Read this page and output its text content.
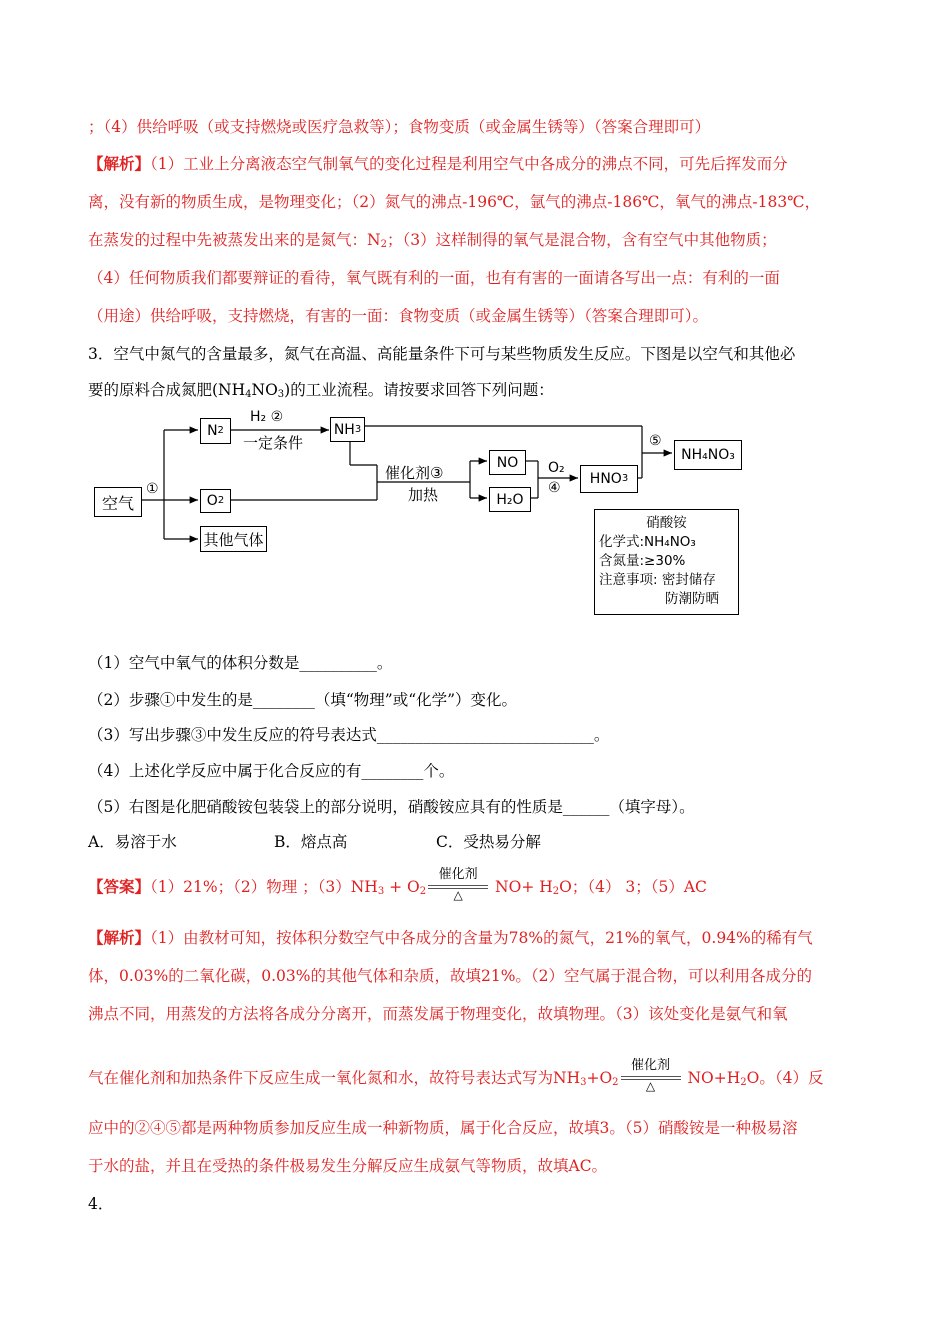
；（4）供给呼吸（或支持燃烧或医疗急救等）；食物变质（或金属生锈等）（答案合理即可）
【解析】（1）工业上分离液态空气制氧气的变化过程是利用空气中各成分的沸点不同，可先后挥发而分
离，没有新的物质生成，是物理变化；（2）氮气的沸点-196℃，氩气的沸点-186℃，氧气的沸点-183℃，
在蒸发的过程中先被蒸发出来的是氮气：$N_2$；（3）这样制得的氧气是混合物，含有空气中其他物质；
（4）任何物质我们都要辩证的看待，氧气既有利的一面，也有有害的一面请各写出一点：有利的一面
（用途）供给呼吸，支持燃烧，有害的一面：食物变质（或金属生锈等）（答案合理即可）。
3．空气中氮气的含量最多，氮气在高温、高能量条件下可与某些物质发生反应。下图是以空气和其他必
要的原料合成氮肥$(NH_4NO_3)$的工业流程。请按要求回答下列问题：
空气
①
N 2
O 2
其他气体
H₂ ②
一定条件
NH 3
催化剂③
加热
NO
H₂O
O₂
④
HNO 3
⑤
NH₄NO₃
硝酸铵
化学式:NH₄NO₃
含氮量:≥30%
注意事项: 密封储存
防潮防晒
（1）空气中氧气的体积分数是__________。
（2）步骤①中发生的是________（填“物理”或“化学”）变化。
（3）写出步骤③中发生反应的符号表达式____________________________。
（4）上述化学反应中属于化合反应的有________个。
（5）右图是化肥硝酸铵包装袋上的部分说明，硝酸铵应具有的性质是______（填字母）。
A．易溶于水	B．熔点高	C．受热易分解
【答案】（1）21%；（2）物理 ；$(3)NH_3 + O_2$
催化剂
△	$NO+ H_2O$；（4） 3；（5）AC
【解析】（1）由教材可知，按体积分数空气中各成分的含量为78%的氮气，21%的氧气，0.94%的稀有气
体，0.03%的二氧化碳，0.03%的其他气体和杂质，故填21%。（2）空气属于混合物，可以利用各成分的
沸点不同，用蒸发的方法将各成分分离开，而蒸发属于物理变化，故填物理。（3）该处变化是氨气和氧
气在催化剂和加热条件下反应生成一氧化氮和水，故符号表达式写为$NH_3+O_2$
催化剂
△	$NO+H_2O$。（4）反
应中的②④⑤都是两种物质参加反应生成一种新物质，属于化合反应，故填3。（5）硝酸铵是一种极易溶
于水的盐，并且在受热的条件极易发生分解反应生成氨气等物质，故填AC。
4．
